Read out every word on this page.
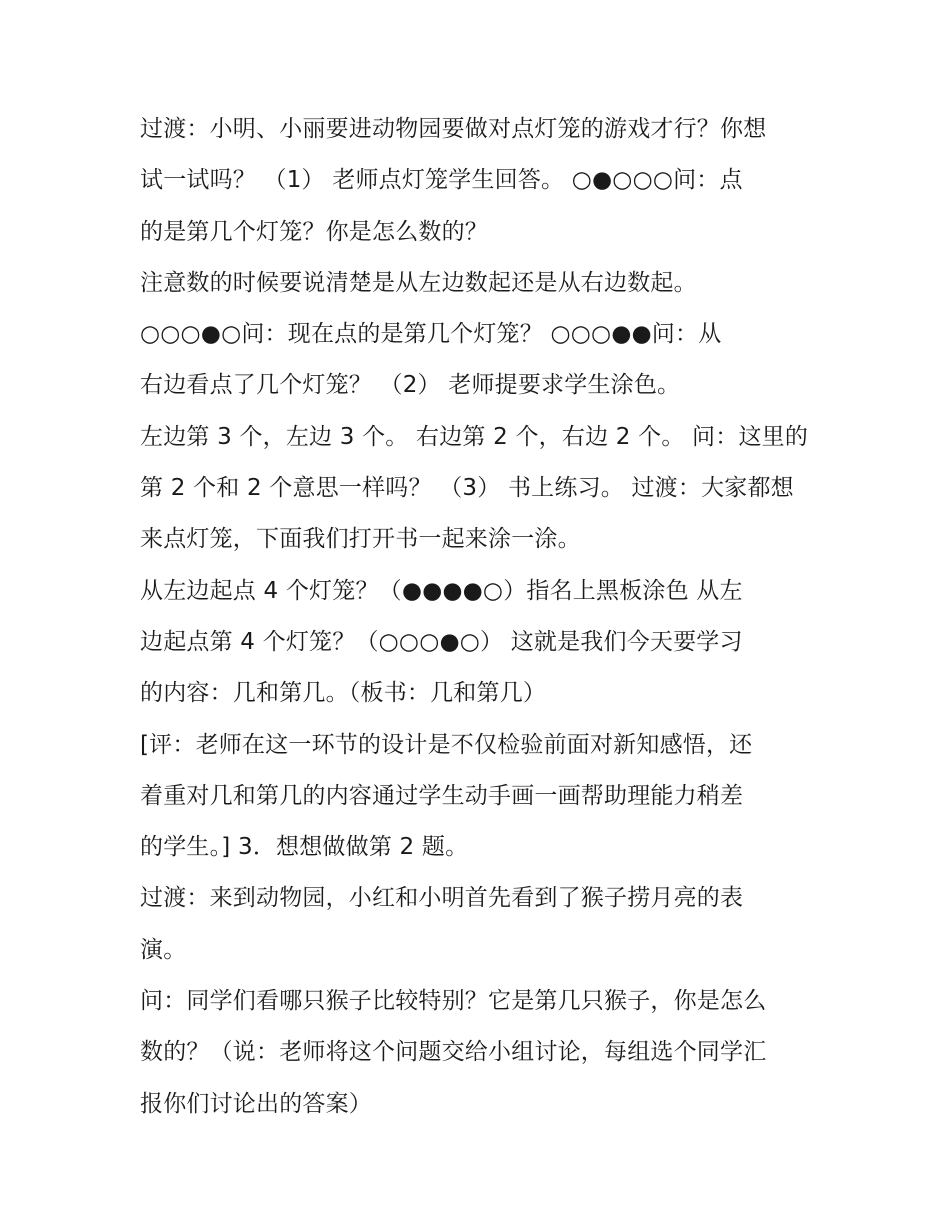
过渡：小明、小丽要进动物园要做对点灯笼的游戏才行？你想
试一试吗？ （1） 老师点灯笼学生回答。 ○●○○○问：点
的是第几个灯笼？你是怎么数的？
注意数的时候要说清楚是从左边数起还是从右边数起。
○○○●○问：现在点的是第几个灯笼？ ○○○●●问：从
右边看点了几个灯笼？ （2） 老师提要求学生涂色。
左边第 3 个，左边 3 个。 右边第 2 个，右边 2 个。 问：这里的
第 2 个和 2 个意思一样吗？ （3） 书上练习。 过渡：大家都想
来点灯笼，下面我们打开书一起来涂一涂。
从左边起点 4 个灯笼？（●●●●○）指名上黑板涂色 从左
边起点第 4 个灯笼？（○○○●○） 这就是我们今天要学习
的内容：几和第几。（板书：几和第几）
[评：老师在这一环节的设计是不仅检验前面对新知感悟，还
着重对几和第几的内容通过学生动手画一画帮助理能力稍差
的学生。] 3．想想做做第 2 题。
过渡：来到动物园，小红和小明首先看到了猴子捞月亮的表
演。
问：同学们看哪只猴子比较特别？它是第几只猴子，你是怎么
数的？（说：老师将这个问题交给小组讨论，每组选个同学汇
报你们讨论出的答案）
